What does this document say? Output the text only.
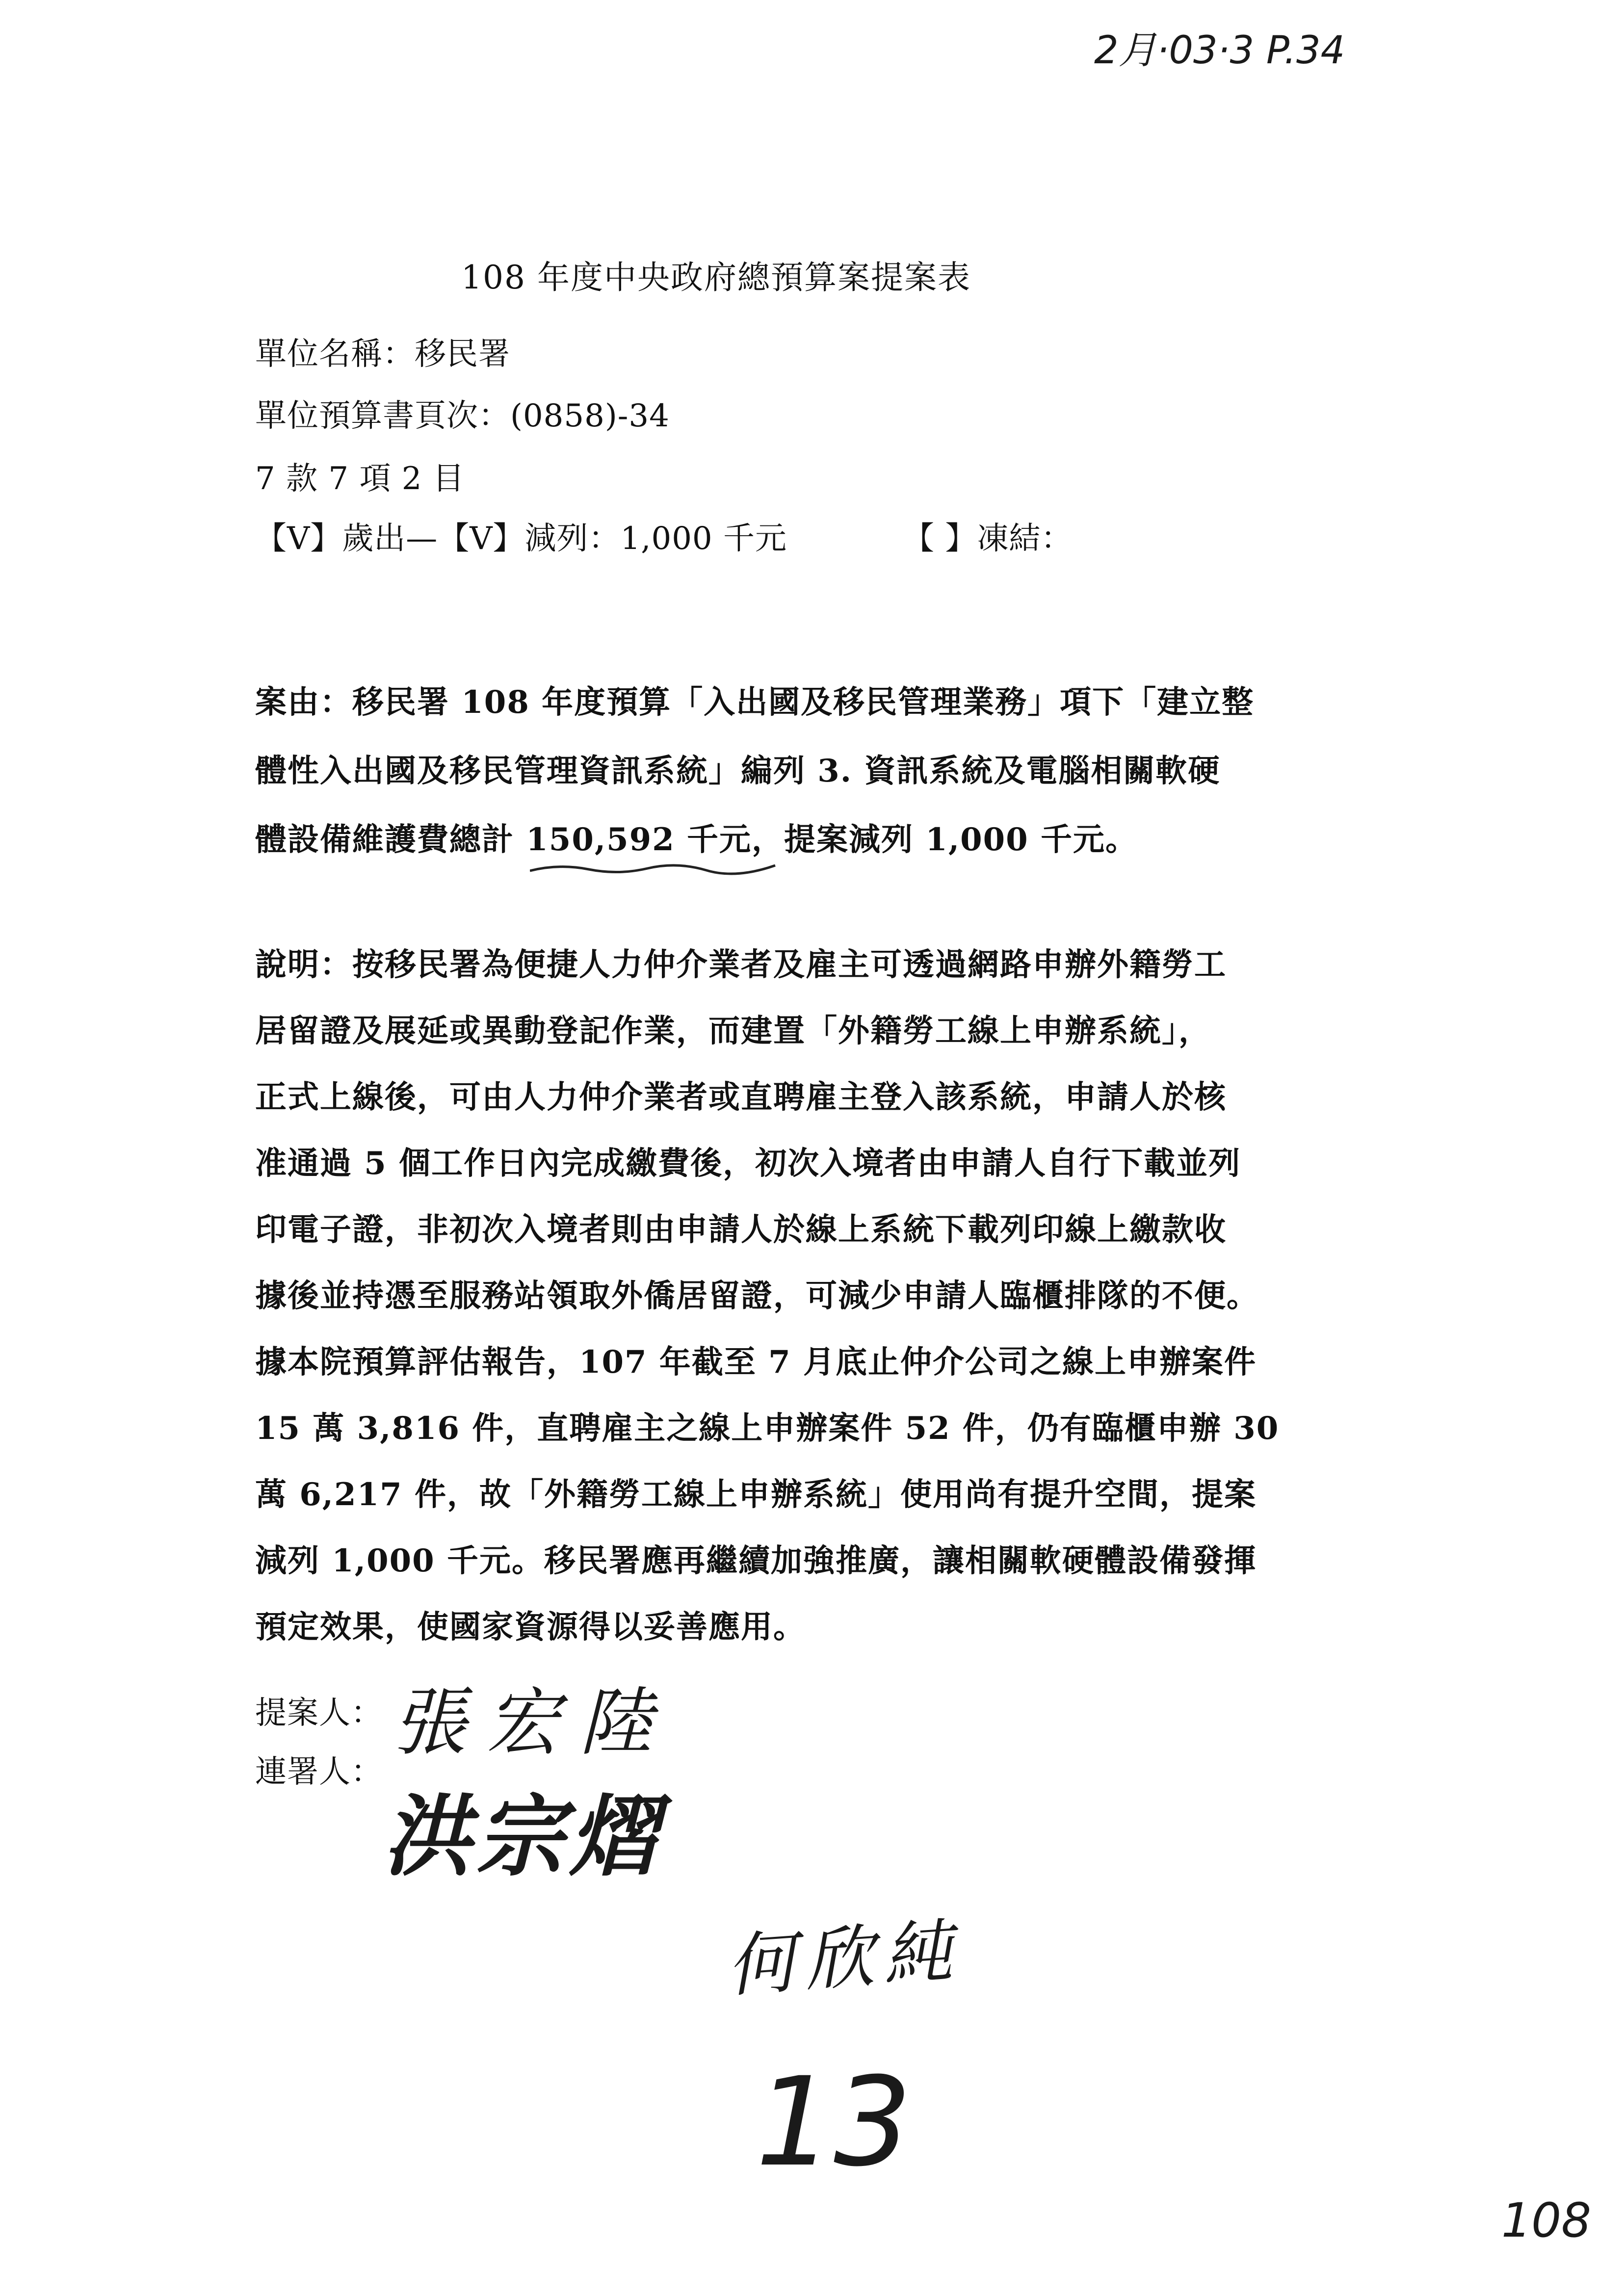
2月·03·3 P.34
108 年度中央政府總預算案提案表
單位名稱：移民署
單位預算書頁次：(0858)-34
7 款 7 項 2 目
【V】歲出—【V】減列：1,000 千元	【 】凍結：
案由：移民署 108 年度預算「入出國及移民管理業務」項下「建立整
體性入出國及移民管理資訊系統」編列 3. 資訊系統及電腦相關軟硬
體設備維護費總計 150,592 千元，提案減列 1,000 千元。
說明：按移民署為便捷人力仲介業者及雇主可透過網路申辦外籍勞工
居留證及展延或異動登記作業，而建置「外籍勞工線上申辦系統」，
正式上線後，可由人力仲介業者或直聘雇主登入該系統，申請人於核
准通過 5 個工作日內完成繳費後，初次入境者由申請人自行下載並列
印電子證，非初次入境者則由申請人於線上系統下載列印線上繳款收
據後並持憑至服務站領取外僑居留證，可減少申請人臨櫃排隊的不便。
據本院預算評估報告，107 年截至 7 月底止仲介公司之線上申辦案件
15 萬 3,816 件，直聘雇主之線上申辦案件 52 件，仍有臨櫃申辦 30
萬 6,217 件，故「外籍勞工線上申辦系統」使用尚有提升空間，提案
減列 1,000 千元。移民署應再繼續加強推廣，讓相關軟硬體設備發揮
預定效果，使國家資源得以妥善應用。
提案人： 張宏陸
連署人：
洪宗熠
何欣純
13
108
